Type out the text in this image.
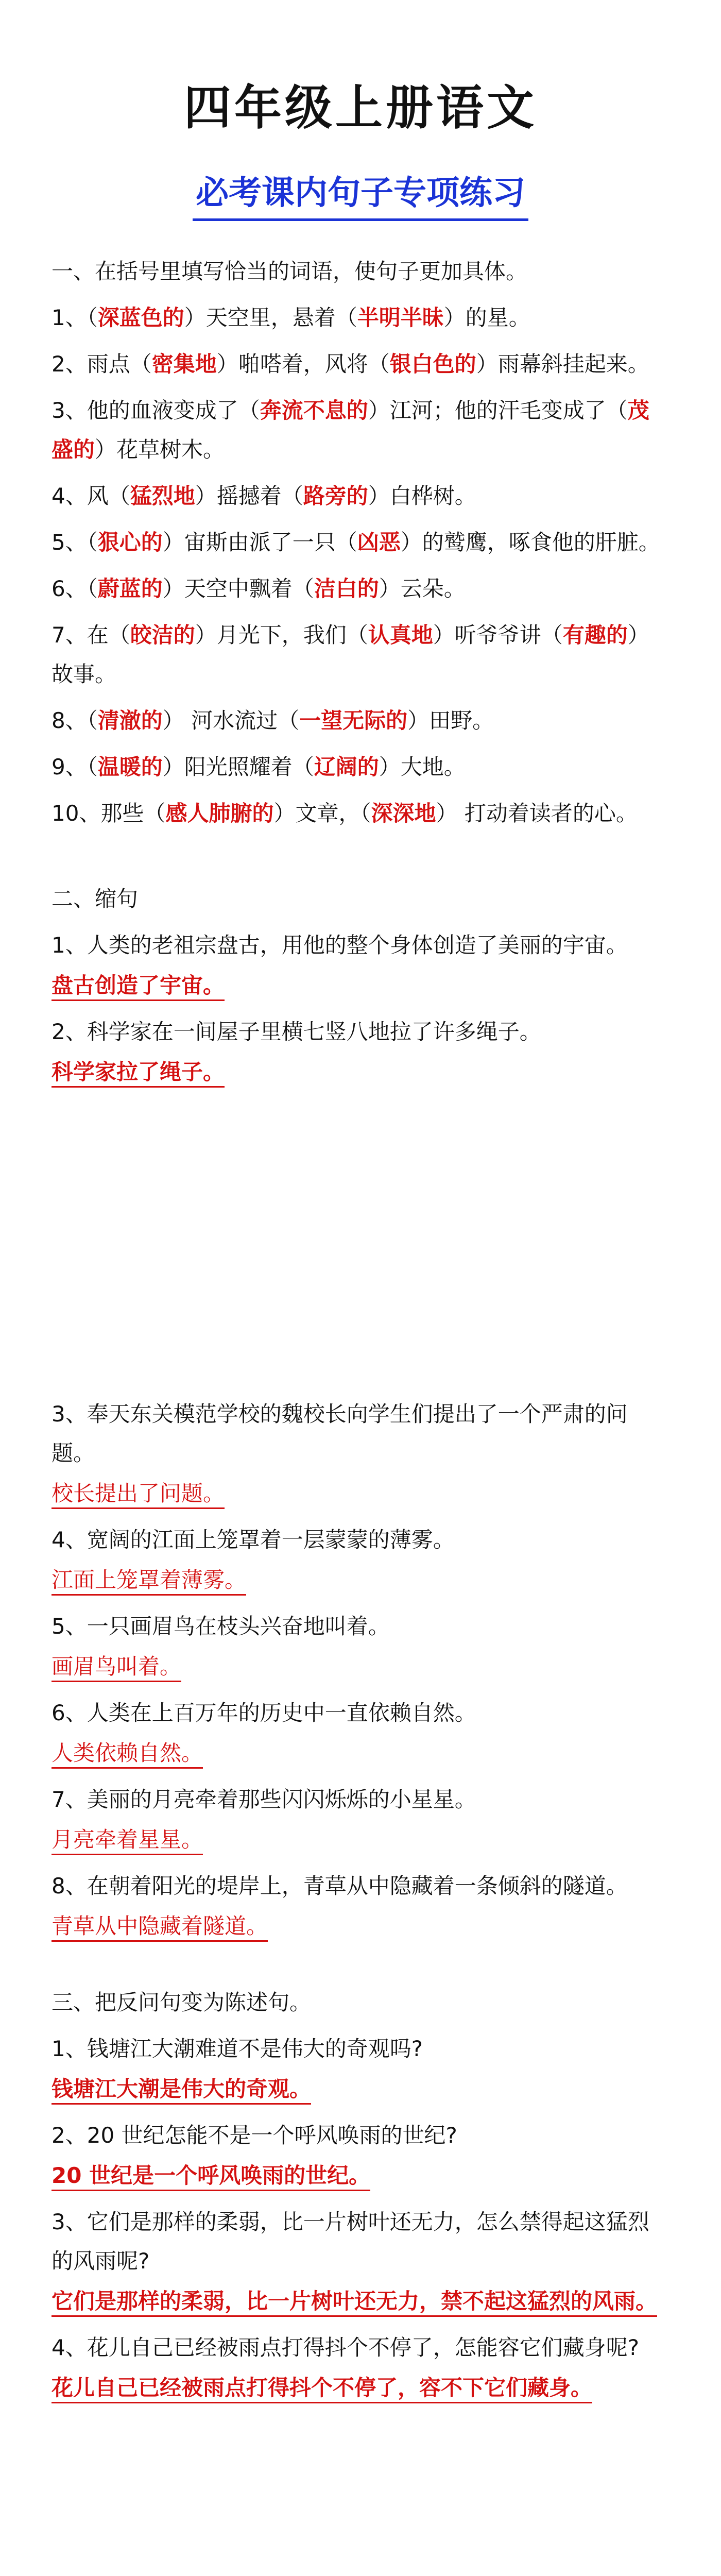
四年级上册语文
必考课内句子专项练习

一、在括号里填写恰当的词语，使句子更加具体。

1、（深蓝色的）天空里，悬着（半明半昧）的星。

2、雨点（密集地）啪嗒着，风将（银白色的）雨幕斜挂起来。

3、他的血液变成了（奔流不息的）江河；他的汗毛变成了（茂盛的）花草树木。

4、风（猛烈地）摇撼着（路旁的）白桦树。

5、（狠心的）宙斯由派了一只（凶恶）的鹫鹰，啄食他的肝脏。

6、（蔚蓝的）天空中飘着（洁白的）云朵。

7、在（皎洁的）月光下，我们（认真地）听爷爷讲（有趣的）故事。

8、（清澈的） 河水流过（一望无际的）田野。

9、（温暖的）阳光照耀着（辽阔的）大地。

10、那些（感人肺腑的）文章，（深深地） 打动着读者的心。

二、缩句

1、人类的老祖宗盘古，用他的整个身体创造了美丽的宇宙。

盘古创造了宇宙。

2、科学家在一间屋子里横七竖八地拉了许多绳子。

科学家拉了绳子。

3、奉天东关模范学校的魏校长向学生们提出了一个严肃的问题。

校长提出了问题。

4、宽阔的江面上笼罩着一层蒙蒙的薄雾。

江面上笼罩着薄雾。

5、一只画眉鸟在枝头兴奋地叫着。

画眉鸟叫着。

6、人类在上百万年的历史中一直依赖自然。

人类依赖自然。

7、美丽的月亮牵着那些闪闪烁烁的小星星。

月亮牵着星星。

8、在朝着阳光的堤岸上，青草从中隐藏着一条倾斜的隧道。

青草从中隐藏着隧道。

三、把反问句变为陈述句。

1、钱塘江大潮难道不是伟大的奇观吗?

钱塘江大潮是伟大的奇观。

2、20 世纪怎能不是一个呼风唤雨的世纪?

20 世纪是一个呼风唤雨的世纪。

3、它们是那样的柔弱，比一片树叶还无力，怎么禁得起这猛烈的风雨呢?

它们是那样的柔弱，比一片树叶还无力，禁不起这猛烈的风雨。

4、花儿自己已经被雨点打得抖个不停了，怎能容它们藏身呢?

花儿自己已经被雨点打得抖个不停了，容不下它们藏身。
